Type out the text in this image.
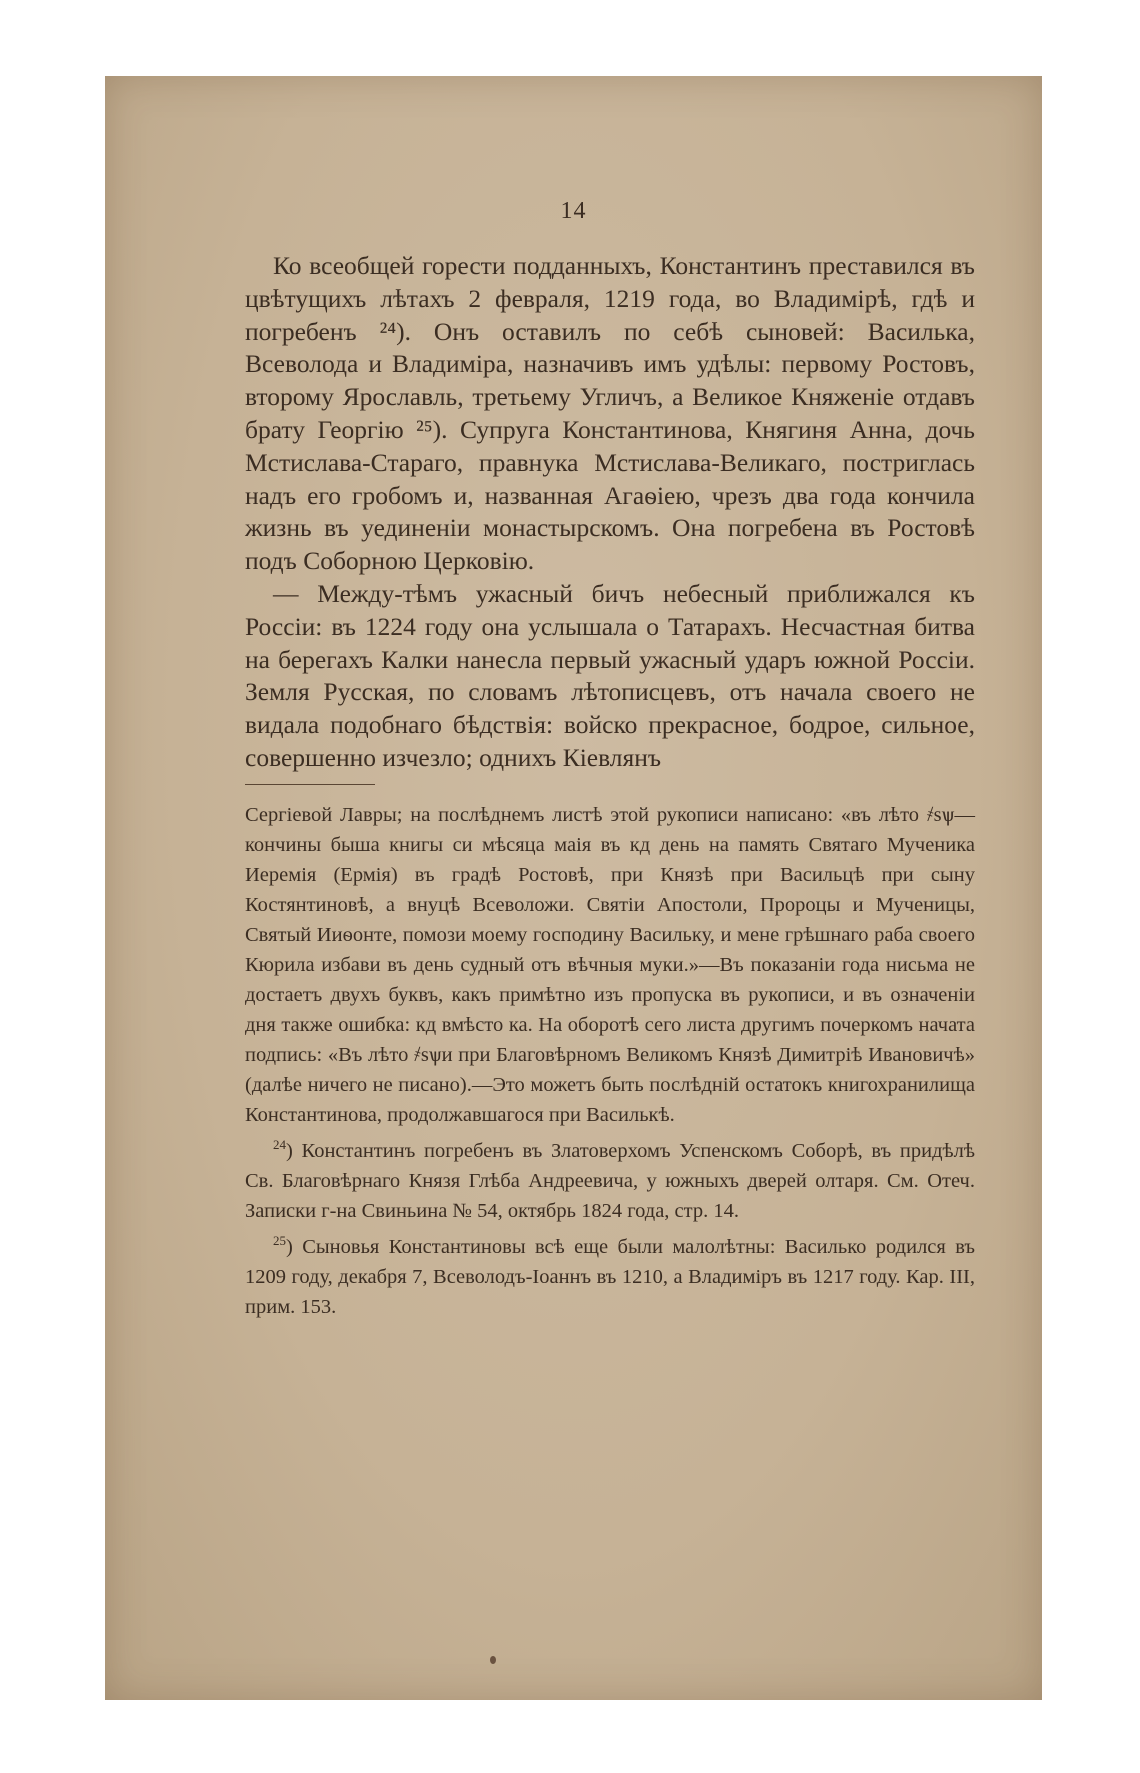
14

Ко всеобщей горести подданныхъ, Константинъ преставился въ цвѣтущихъ лѣтахъ 2 февраля, 1219 года, во Владимірѣ, гдѣ и погребенъ ²⁴). Онъ оставилъ по себѣ сыновей: Василька, Всеволода и Владиміра, назначивъ имъ удѣлы: первому Ростовъ, второму Ярославль, третьему Угличъ, а Великое Княженіе отдавъ брату Георгію ²⁵). Супруга Константинова, Княгиня Анна, дочь Мстислава-Стараго, правнука Мстислава-Великаго, постриглась надъ его гробомъ и, названная Агаѳіею, чрезъ два года кончила жизнь въ уединеніи монастырскомъ. Она погребена въ Ростовѣ подъ Соборною Церковію.

— Между-тѣмъ ужасный бичъ небесный приближался къ Россіи: въ 1224 году она услышала о Татарахъ. Несчастная битва на берегахъ Калки нанесла первый ужасный ударъ южной Россіи. Земля Русская, по словамъ лѣтописцевъ, отъ начала своего не видала подобнаго бѣдствія: войско прекрасное, бодрое, сильное, совершенно изчезло; однихъ Кіевлянъ

Сергіевой Лавры; на послѣднемъ листѣ этой рукописи написано: «въ лѣто ҂ѕѱ—кончины быша книгы си мѣсяца маія въ кд день на память Святаго Мученика Иеремія (Ермія) въ градѣ Ростовѣ, при Князѣ при Васильцѣ при сыну Костянтиновѣ, а внуцѣ Всеволожи. Святіи Апостоли, Пророцы и Мученицы, Святый Ииѳонте, помози моему господину Васильку, и мене грѣшнаго раба своего Кюрила избави въ день судный отъ вѣчныя муки.»—Въ показаніи года нисьма не достаетъ двухъ буквъ, какъ примѣтно изъ пропуска въ рукописи, и въ означеніи дня также ошибка: кд вмѣсто ка. На оборотѣ сего листа другимъ почеркомъ начата подпись: «Въ лѣто ҂ѕѱи при Благовѣрномъ Великомъ Князѣ Димитріѣ Ивановичѣ» (далѣе ничего не писано).—Это можетъ быть послѣдній остатокъ книгохранилища Константинова, продолжавшагося при Василькѣ.

$^{24}$) Константинъ погребенъ въ Златоверхомъ Успенскомъ Соборѣ, въ придѣлѣ Св. Благовѣрнаго Князя Глѣба Андреевича, у южныхъ дверей олтаря. См. Отеч. Записки г-на Свиньина № 54, октябрь 1824 года, стр. 14.

$^{25}$) Сыновья Константиновы всѣ еще были малолѣтны: Василько родился въ 1209 году, декабря 7, Всеволодъ-Іоаннъ въ 1210, а Владиміръ въ 1217 году. Кар. III, прим. 153.
